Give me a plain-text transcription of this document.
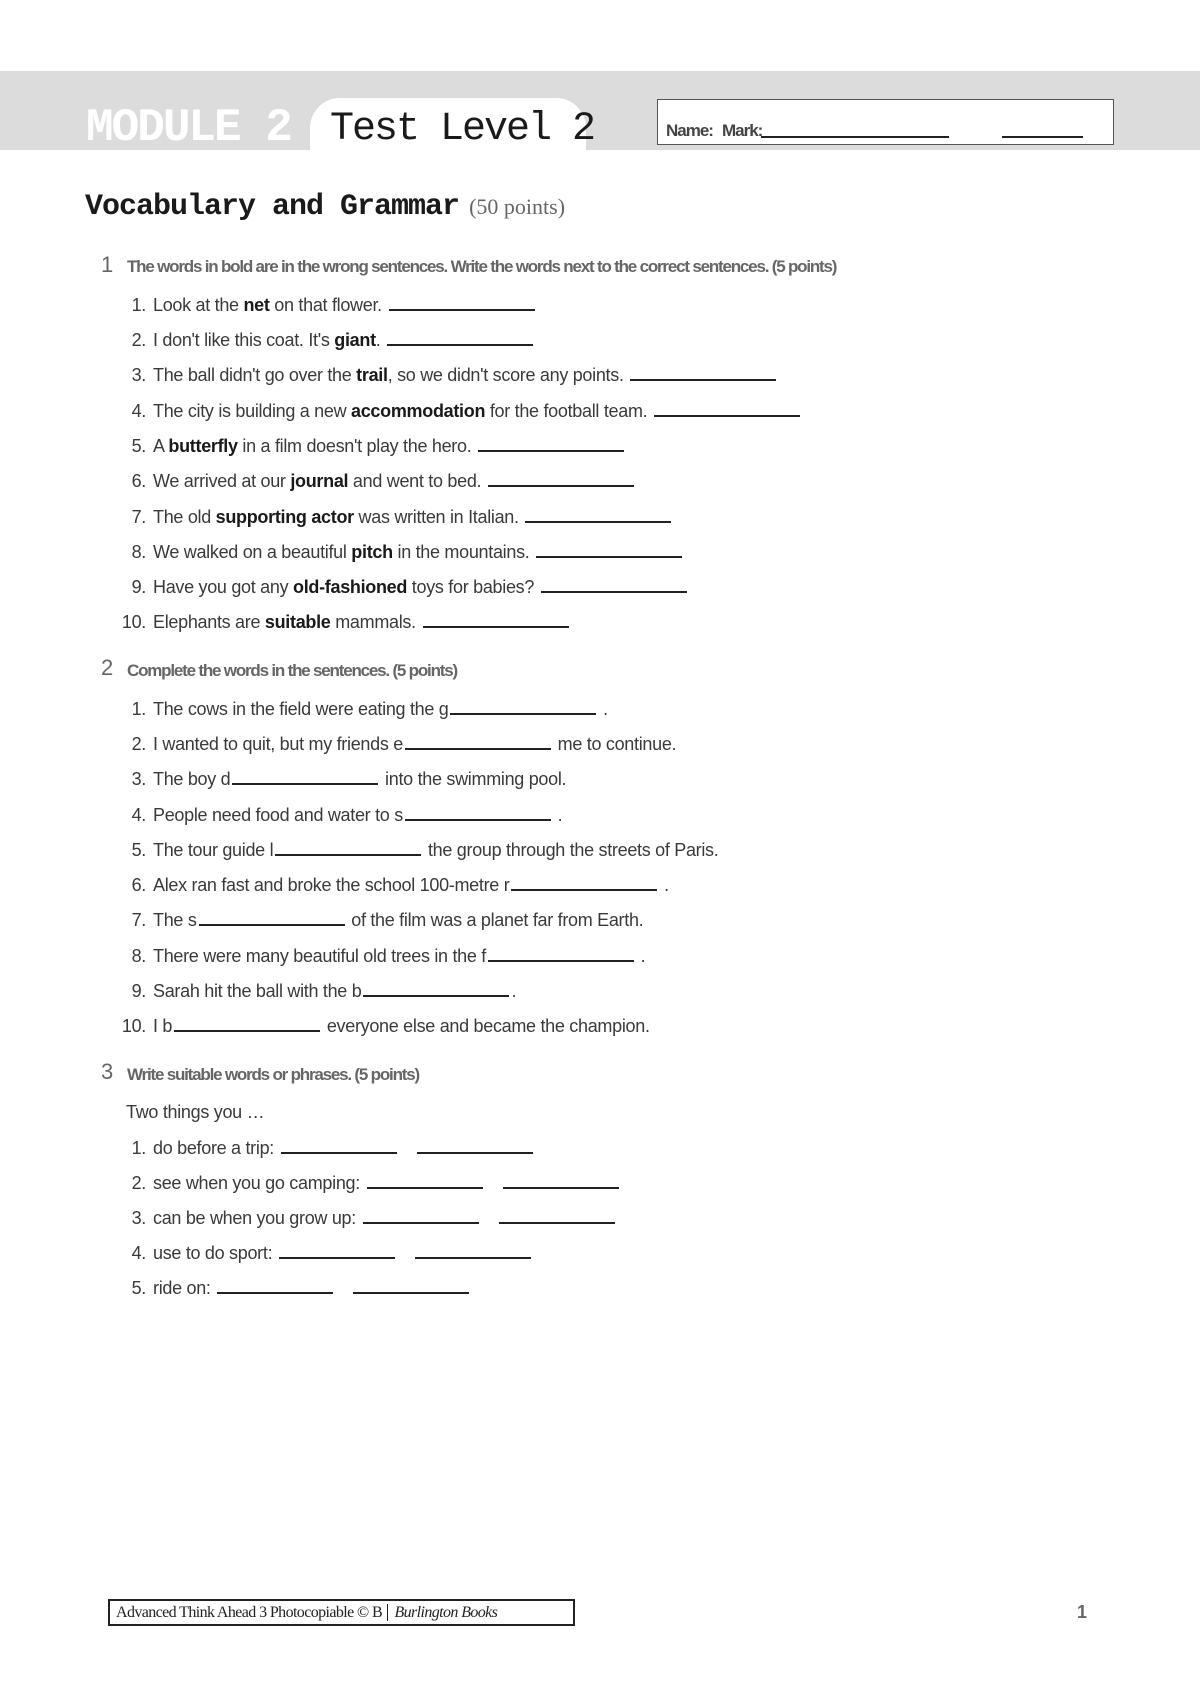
MODULE 2 Test Level 2	Name: Mark:
Vocabulary and Grammar (50 points)
1 The words in bold are in the wrong sentences. Write the words next to the correct sentences. (5 points)
1. Look at the net on that flower.
2. I don't like this coat. It's giant.
3. The ball didn't go over the trail, so we didn't score any points.
4. The city is building a new accommodation for the football team.
5. A butterfly in a film doesn't play the hero.
6. We arrived at our journal and went to bed.
7. The old supporting actor was written in Italian.
8. We walked on a beautiful pitch in the mountains.
9. Have you got any old-fashioned toys for babies?
10. Elephants are suitable mammals.
2 Complete the words in the sentences. (5 points)
1. The cows in the field were eating the g	.
2. I wanted to quit, but my friends e	me to continue.
3. The boy d	into the swimming pool.
4. People need food and water to s	.
5. The tour guide l	the group through the streets of Paris.
6. Alex ran fast and broke the school 100-metre r	.
7. The s	of the film was a planet far from Earth.
8. There were many beautiful old trees in the f	.
9. Sarah hit the ball with the b	.
10. I b	everyone else and became the champion.
3 Write suitable words or phrases. (5 points)
Two things you …
1. do before a trip:
2. see when you go camping:
3. can be when you grow up:
4. use to do sport:
5. ride on:
Advanced Think Ahead 3 Photocopiable © B Burlington Books	1
